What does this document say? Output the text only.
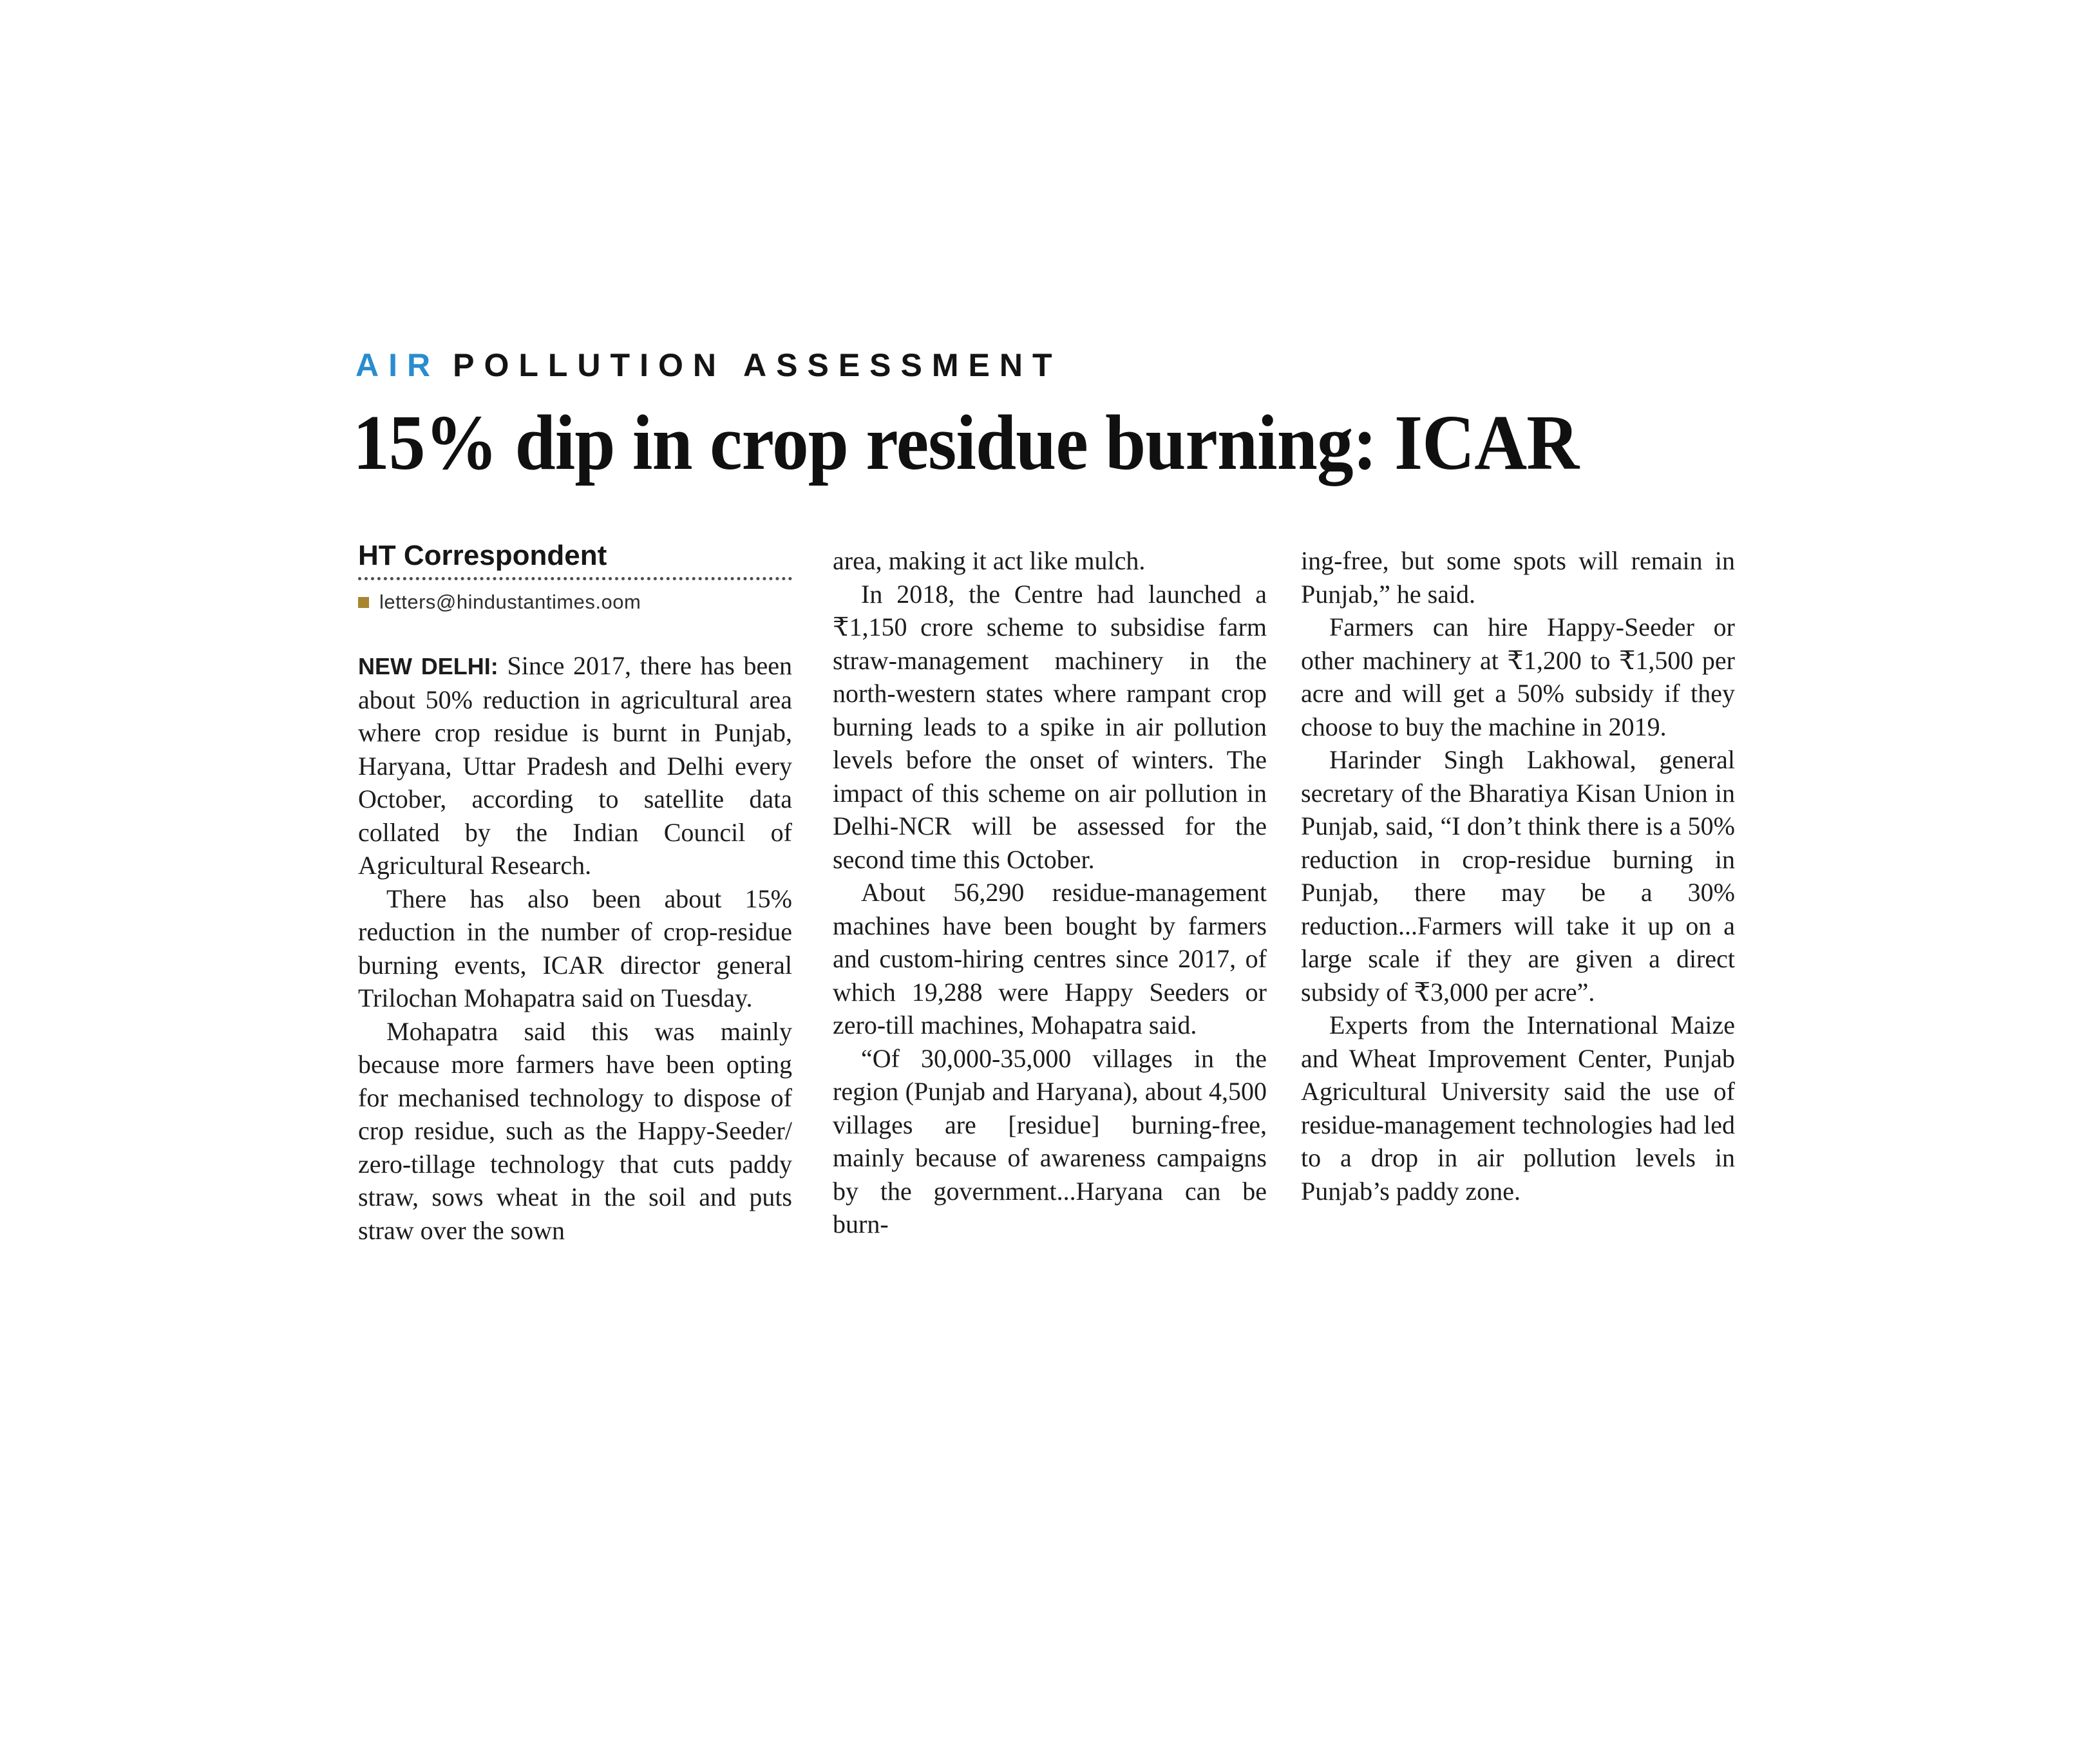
AIR POLLUTION ASSESSMENT
15% dip in crop residue burning: ICAR
HT Correspondent
letters@hindustantimes.oom

NEW DELHI: Since 2017, there has been about 50% reduction in agricultural area where crop residue is burnt in Punjab, Haryana, Uttar Pradesh and Delhi every October, according to satellite data collated by the Indian Council of Agricultural Research.

There has also been about 15% reduction in the number of crop-residue burning events, ICAR director general Trilochan Mohapatra said on Tuesday.

Mohapatra said this was mainly because more farmers have been opting for mechanised technology to dispose of crop residue, such as the Happy-Seeder/ zero-tillage technology that cuts paddy straw, sows wheat in the soil and puts straw over the sown

area, making it act like mulch.

In 2018, the Centre had launched a ₹1,150 crore scheme to subsidise farm straw-management machinery in the north-western states where rampant crop burning leads to a spike in air pollution levels before the onset of winters. The impact of this scheme on air pollution in Delhi-NCR will be assessed for the second time this October.

About 56,290 residue-management machines have been bought by farmers and custom-hiring centres since 2017, of which 19,288 were Happy Seeders or zero-till machines, Mohapatra said.

“Of 30,000-35,000 villages in the region (Punjab and Haryana), about 4,500 villages are [residue] burning-free, mainly because of awareness campaigns by the government...Haryana can be burn-

ing-free, but some spots will remain in Punjab,” he said.

Farmers can hire Happy-Seeder or other machinery at ₹1,200 to ₹1,500 per acre and will get a 50% subsidy if they choose to buy the machine in 2019.

Harinder Singh Lakhowal, general secretary of the Bharatiya Kisan Union in Punjab, said, “I don’t think there is a 50% reduction in crop-residue burning in Punjab, there may be a 30% reduction...Farmers will take it up on a large scale if they are given a direct subsidy of ₹3,000 per acre”.

Experts from the International Maize and Wheat Improvement Center, Punjab Agricultural University said the use of residue-management technologies had led to a drop in air pollution levels in Punjab’s paddy zone.
